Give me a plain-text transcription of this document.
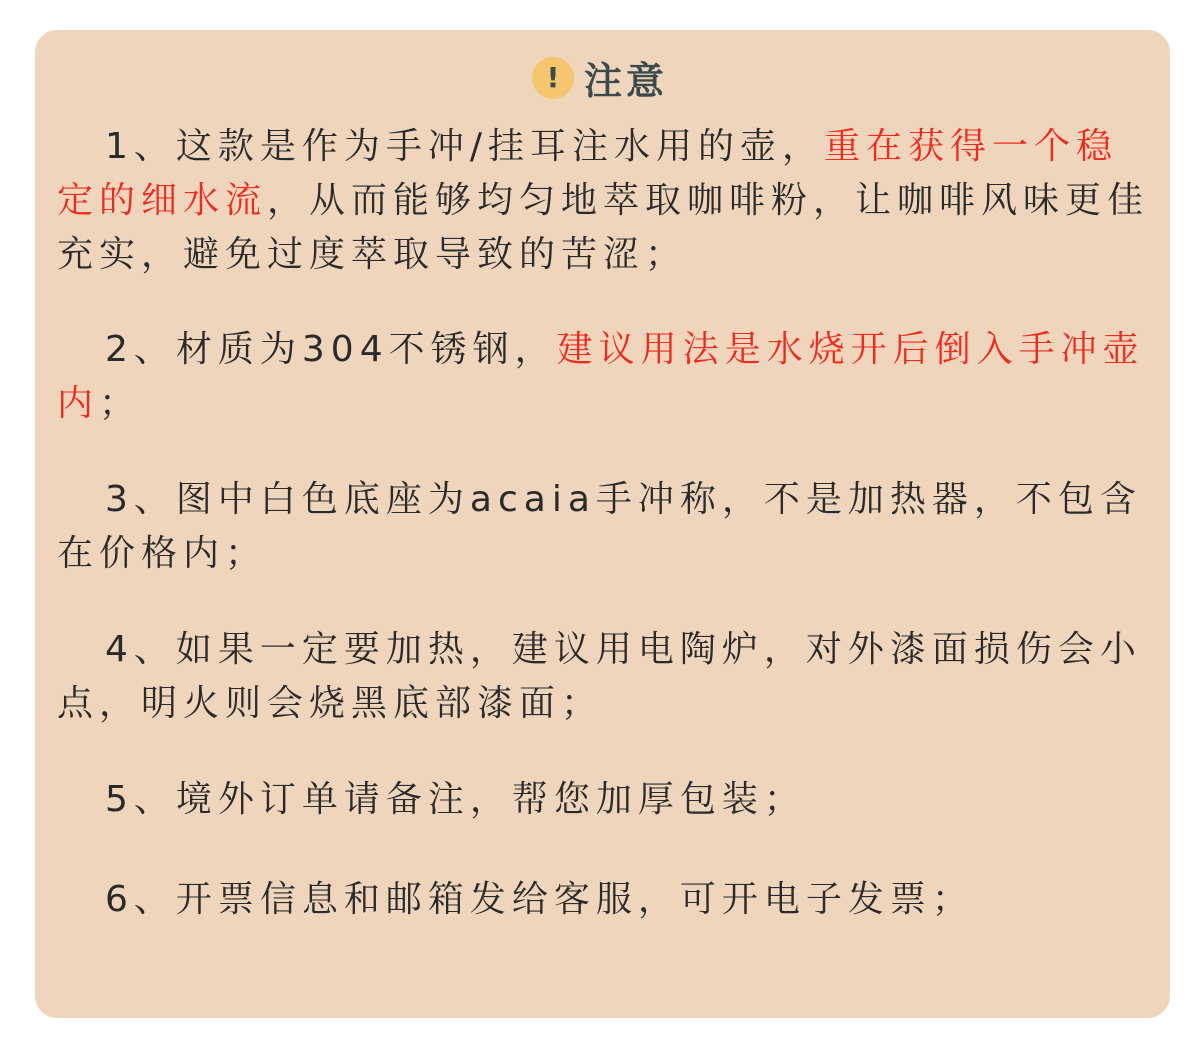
! 注意

1、这款是作为手冲/挂耳注水用的壶，重在获得一个稳定的细水流，从而能够均匀地萃取咖啡粉，让咖啡风味更佳充实，避免过度萃取导致的苦涩；

2、材质为304不锈钢，建议用法是水烧开后倒入手冲壶内；

3、图中白色底座为acaia手冲称，不是加热器，不包含在价格内；

4、如果一定要加热，建议用电陶炉，对外漆面损伤会小点，明火则会烧黑底部漆面；

5、境外订单请备注，帮您加厚包装；

6、开票信息和邮箱发给客服，可开电子发票；
